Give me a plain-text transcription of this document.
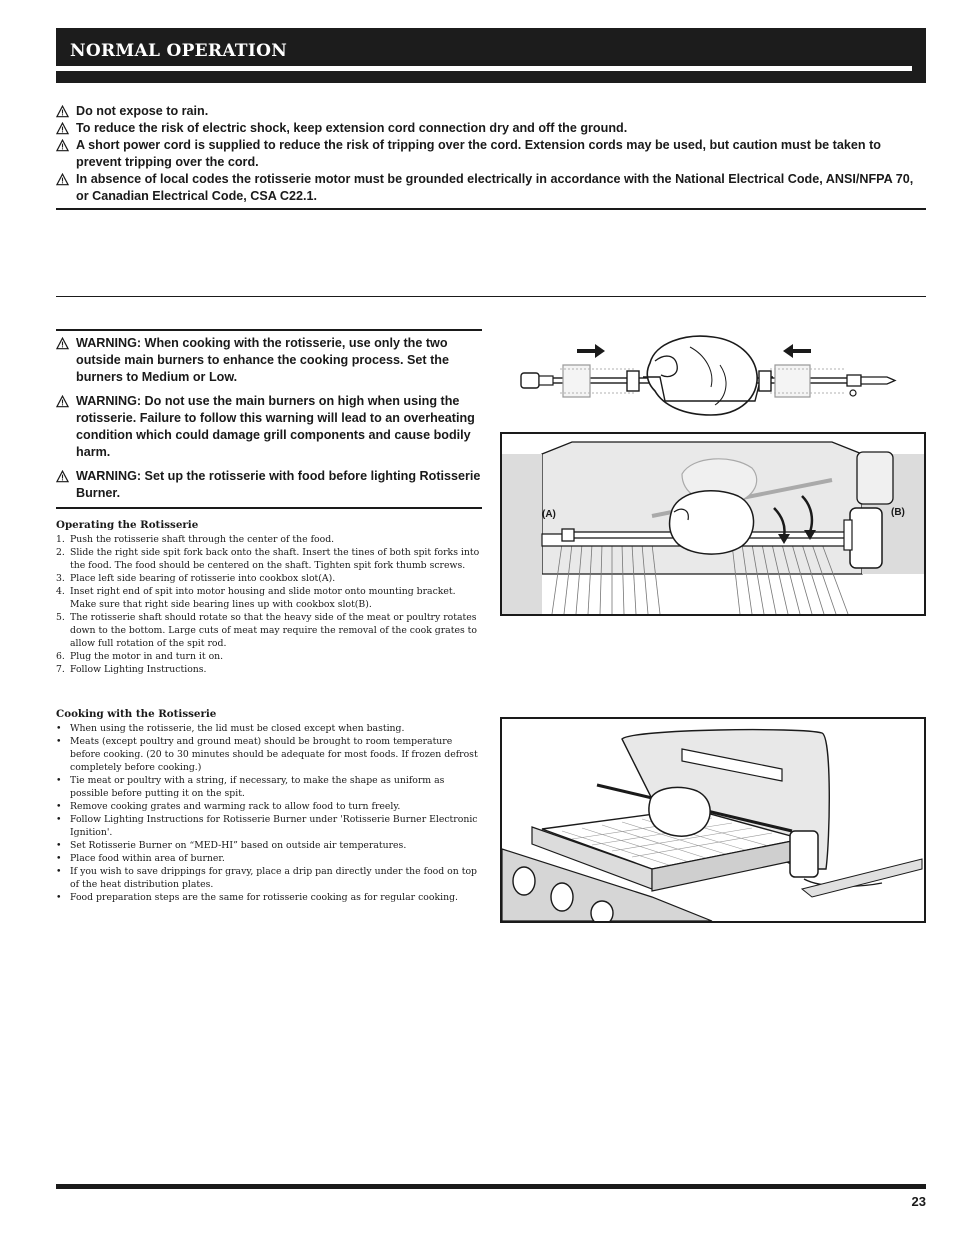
NORMAL OPERATION
Do not expose to rain.
To reduce the risk of electric shock, keep extension cord connection dry and off the ground.
A short power cord is supplied to reduce the risk of tripping over the cord. Extension cords may be used, but caution must be taken to prevent tripping over the cord.
In absence of local codes the rotisserie motor must be grounded electrically in accordance with the National Electrical Code, ANSI/NFPA 70, or Canadian Electrical Code, CSA C22.1.
WARNING: When cooking with the rotisserie, use only the two outside main burners to enhance the cooking process. Set the burners to Medium or Low.
WARNING: Do not use the main burners on high when using the rotisserie. Failure to follow this warning will lead to an overheating condition which could damage grill components and cause bodily harm.
WARNING: Set up the rotisserie with food before lighting Rotisserie Burner.
Operating the Rotisserie
1. Push the rotisserie shaft through the center of the food.
2. Slide the right side spit fork back onto the shaft. Insert the tines of both spit forks into the food. The food should be centered on the shaft. Tighten spit fork thumb screws.
3. Place left side bearing of rotisserie into cookbox slot(A).
4. Inset right end of spit into motor housing and slide motor onto mounting bracket. Make sure that right side bearing lines up with cookbox slot(B).
5. The rotisserie shaft should rotate so that the heavy side of the meat or poultry rotates down to the bottom. Large cuts of meat may require the removal of the cook grates to allow full rotation of the spit rod.
6. Plug the motor in and turn it on.
7. Follow Lighting Instructions.
Cooking with the Rotisserie
• When using the rotisserie, the lid must be closed except when basting.
• Meats (except poultry and ground meat) should be brought to room temperature before cooking. (20 to 30 minutes should be adequate for most foods. If frozen defrost completely before cooking.)
• Tie meat or poultry with a string, if necessary, to make the shape as uniform as possible before putting it on the spit.
• Remove cooking grates and warming rack to allow food to turn freely.
• Follow Lighting Instructions for Rotisserie Burner under 'Rotisserie Burner Electronic Ignition'.
• Set Rotisserie Burner on “MED-HI” based on outside air temperatures.
• Place food within area of burner.
• If you wish to save drippings for gravy, place a drip pan directly under the food on top of the heat distribution plates.
• Food preparation steps are the same for rotisserie cooking as for regular cooking.
(A)	(B)
23
